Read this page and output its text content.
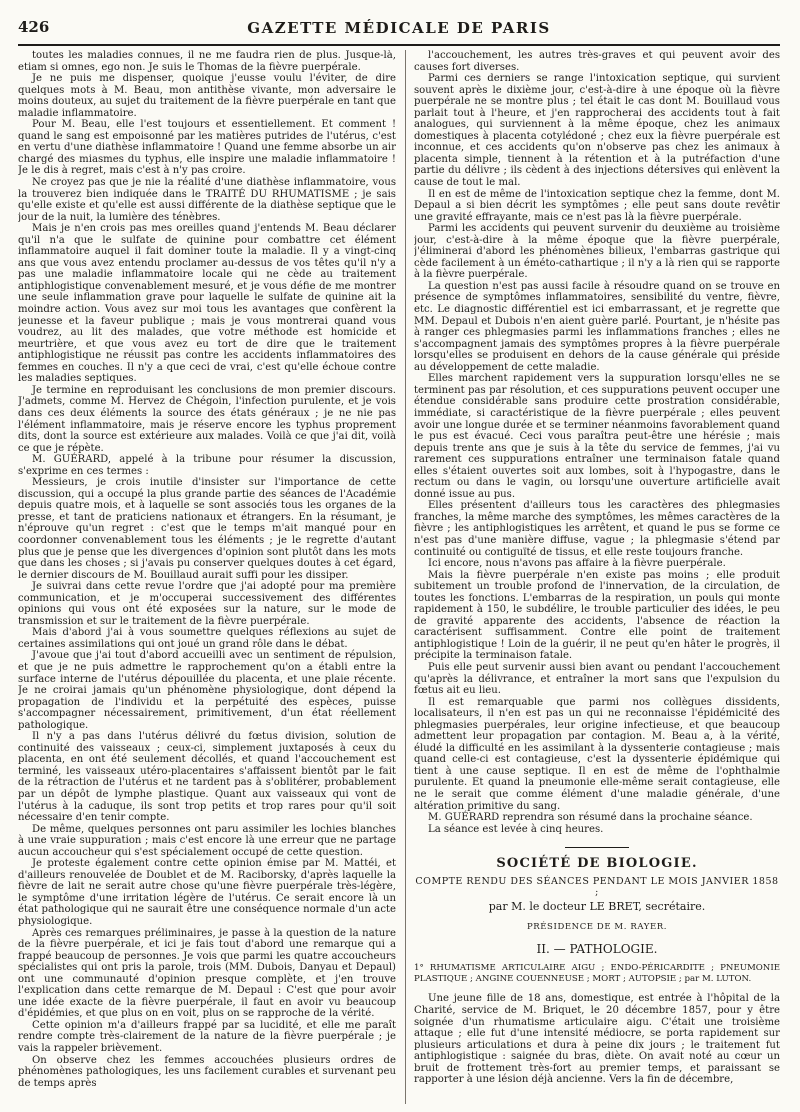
426	GAZETTE MÉDICALE DE PARIS

toutes les maladies connues, il ne me faudra rien de plus. Jusque-là, etiam si omnes, ego non. Je suis le Thomas de la fièvre puerpérale.

Je ne puis me dispenser, quoique j'eusse voulu l'éviter, de dire quelques mots à M. Beau, mon antithèse vivante, mon adversaire le moins douteux, au sujet du traitement de la fièvre puerpérale en tant que maladie inflammatoire.

Pour M. Beau, elle l'est toujours et essentiellement. Et comment ! quand le sang est empoisonné par les matières putrides de l'utérus, c'est en vertu d'une diathèse inflammatoire ! Quand une femme absorbe un air chargé des miasmes du typhus, elle inspire une maladie inflammatoire ! Je le dis à regret, mais c'est à n'y pas croire.

Ne croyez pas que je nie la réalité d'une diathèse inflammatoire, vous la trouverez bien indiquée dans le TRAITÉ DU RHUMATISME ; je sais qu'elle existe et qu'elle est aussi différente de la diathèse septique que le jour de la nuit, la lumière des ténèbres.

Mais je n'en crois pas mes oreilles quand j'entends M. Beau déclarer qu'il n'a que le sulfate de quinine pour combattre cet élément inflammatoire auquel il fait dominer toute la maladie. Il y a vingt-cinq ans que vous avez entendu proclamer au-dessus de vos têtes qu'il n'y a pas une maladie inflammatoire locale qui ne cède au traitement antiphlogistique convenablement mesuré, et je vous défie de me montrer une seule inflammation grave pour laquelle le sulfate de quinine ait la moindre action. Vous avez sur moi tous les avantages que confèrent la jeunesse et la faveur publique ; mais je vous montrerai quand vous voudrez, au lit des malades, que votre méthode est homicide et meurtrière, et que vous avez eu tort de dire que le traitement antiphlogistique ne réussit pas contre les accidents inflammatoires des femmes en couches. Il n'y a que ceci de vrai, c'est qu'elle échoue contre les maladies septiques.

Je termine en reproduisant les conclusions de mon premier discours. J'admets, comme M. Hervez de Chégoin, l'infection purulente, et je vois dans ces deux éléments la source des états généraux ; je ne nie pas l'élément inflammatoire, mais je réserve encore les typhus proprement dits, dont la source est extérieure aux malades. Voilà ce que j'ai dit, voilà ce que je répète.

M. GUÉRARD, appelé à la tribune pour résumer la discussion, s'exprime en ces termes :

Messieurs, je crois inutile d'insister sur l'importance de cette discussion, qui a occupé la plus grande partie des séances de l'Académie depuis quatre mois, et à laquelle se sont associés tous les organes de la presse, et tant de praticiens nationaux et étrangers. En la résumant, je n'éprouve qu'un regret : c'est que le temps m'ait manqué pour en coordonner convenablement tous les éléments ; je le regrette d'autant plus que je pense que les divergences d'opinion sont plutôt dans les mots que dans les choses ; si j'avais pu conserver quelques doutes à cet égard, le dernier discours de M. Bouillaud aurait suffi pour les dissiper.

Je suivrai dans cette revue l'ordre que j'ai adopté pour ma première communication, et je m'occuperai successivement des différentes opinions qui vous ont été exposées sur la nature, sur le mode de transmission et sur le traitement de la fièvre puerpérale.

Mais d'abord j'ai à vous soumettre quelques réflexions au sujet de certaines assimilations qui ont joué un grand rôle dans le débat.

J'avoue que j'ai tout d'abord accueilli avec un sentiment de répulsion, et que je ne puis admettre le rapprochement qu'on a établi entre la surface interne de l'utérus dépouillée du placenta, et une plaie récente. Je ne croirai jamais qu'un phénomène physiologique, dont dépend la propagation de l'individu et la perpétuité des espèces, puisse s'accompagner nécessairement, primitivement, d'un état réellement pathologique.

Il n'y a pas dans l'utérus délivré du fœtus division, solution de continuité des vaisseaux ; ceux-ci, simplement juxtaposés à ceux du placenta, en ont été seulement décollés, et quand l'accouchement est terminé, les vaisseaux utéro-placentaires s'affaissent bientôt par le fait de la rétraction de l'utérus et ne tardent pas à s'oblitérer, probablement par un dépôt de lymphe plastique. Quant aux vaisseaux qui vont de l'utérus à la caduque, ils sont trop petits et trop rares pour qu'il soit nécessaire d'en tenir compte.

De même, quelques personnes ont paru assimiler les lochies blanches à une vraie suppuration ; mais c'est encore là une erreur que ne partage aucun accoucheur qui s'est spécialement occupé de cette question.

Je proteste également contre cette opinion émise par M. Mattéi, et d'ailleurs renouvelée de Doublet et de M. Raciborsky, d'après laquelle la fièvre de lait ne serait autre chose qu'une fièvre puerpérale très-légère, le symptôme d'une irritation légère de l'utérus. Ce serait encore là un état pathologique qui ne saurait être une conséquence normale d'un acte physiologique.

Après ces remarques préliminaires, je passe à la question de la nature de la fièvre puerpérale, et ici je fais tout d'abord une remarque qui a frappé beaucoup de personnes. Je vois que parmi les quatre accoucheurs spécialistes qui ont pris la parole, trois (MM. Dubois, Danyau et Depaul) ont une communauté d'opinion presque complète, et j'en trouve l'explication dans cette remarque de M. Depaul : C'est que pour avoir une idée exacte de la fièvre puerpérale, il faut en avoir vu beaucoup d'épidémies, et que plus on en voit, plus on se rapproche de la vérité.

Cette opinion m'a d'ailleurs frappé par sa lucidité, et elle me paraît rendre compte très-clairement de la nature de la fièvre puerpérale ; je vais la rappeler brièvement.

On observe chez les femmes accouchées plusieurs ordres de phénomènes pathologiques, les uns facilement curables et survenant peu de temps après

l'accouchement, les autres très-graves et qui peuvent avoir des causes fort diverses.

Parmi ces derniers se range l'intoxication septique, qui survient souvent après le dixième jour, c'est-à-dire à une époque où la fièvre puerpérale ne se montre plus ; tel était le cas dont M. Bouillaud vous parlait tout à l'heure, et j'en rapprocherai des accidents tout à fait analogues, qui surviennent à la même époque, chez les animaux domestiques à placenta cotylédoné ; chez eux la fièvre puerpérale est inconnue, et ces accidents qu'on n'observe pas chez les animaux à placenta simple, tiennent à la rétention et à la putréfaction d'une partie du délivre ; ils cèdent à des injections détersives qui enlèvent la cause de tout le mal.

Il en est de même de l'intoxication septique chez la femme, dont M. Depaul a si bien décrit les symptômes ; elle peut sans doute revêtir une gravité effrayante, mais ce n'est pas là la fièvre puerpérale.

Parmi les accidents qui peuvent survenir du deuxième au troisième jour, c'est-à-dire à la même époque que la fièvre puerpérale, j'éliminerai d'abord les phénomènes bilieux, l'embarras gastrique qui cède facilement à un éméto-cathartique ; il n'y a là rien qui se rapporte à la fièvre puerpérale.

La question n'est pas aussi facile à résoudre quand on se trouve en présence de symptômes inflammatoires, sensibilité du ventre, fièvre, etc. Le diagnostic différentiel est ici embarrassant, et je regrette que MM. Depaul et Dubois n'en aient guère parlé. Pourtant, je n'hésite pas à ranger ces phlegmasies parmi les inflammations franches ; elles ne s'accompagnent jamais des symptômes propres à la fièvre puerpérale lorsqu'elles se produisent en dehors de la cause générale qui préside au développement de cette maladie.

Elles marchent rapidement vers la suppuration lorsqu'elles ne se terminent pas par résolution, et ces suppurations peuvent occuper une étendue considérable sans produire cette prostration considérable, immédiate, si caractéristique de la fièvre puerpérale ; elles peuvent avoir une longue durée et se terminer néanmoins favorablement quand le pus est évacué. Ceci vous paraîtra peut-être une hérésie ; mais depuis trente ans que je suis à la tête du service de femmes, j'ai vu rarement ces suppurations entraîner une terminaison fatale quand elles s'étaient ouvertes soit aux lombes, soit à l'hypogastre, dans le rectum ou dans le vagin, ou lorsqu'une ouverture artificielle avait donné issue au pus.

Elles présentent d'ailleurs tous les caractères des phlegmasies franches, la même marche des symptômes, les mêmes caractères de la fièvre ; les antiphlogistiques les arrêtent, et quand le pus se forme ce n'est pas d'une manière diffuse, vague ; la phlegmasie s'étend par continuité ou contiguïté de tissus, et elle reste toujours franche.

Ici encore, nous n'avons pas affaire à la fièvre puerpérale.

Mais la fièvre puerpérale n'en existe pas moins ; elle produit subitement un trouble profond de l'innervation, de la circulation, de toutes les fonctions. L'embarras de la respiration, un pouls qui monte rapidement à 150, le subdélire, le trouble particulier des idées, le peu de gravité apparente des accidents, l'absence de réaction la caractérisent suffisamment. Contre elle point de traitement antiphlogistique ! Loin de la guérir, il ne peut qu'en hâter le progrès, il précipite la terminaison fatale.

Puis elle peut survenir aussi bien avant ou pendant l'accouchement qu'après la délivrance, et entraîner la mort sans que l'expulsion du fœtus ait eu lieu.

Il est remarquable que parmi nos collègues dissidents, localisateurs, il n'en est pas un qui ne reconnaisse l'épidémicité des phlegmasies puerpérales, leur origine infectieuse, et que beaucoup admettent leur propagation par contagion. M. Beau a, à la vérité, éludé la difficulté en les assimilant à la dyssenterie contagieuse ; mais quand celle-ci est contagieuse, c'est la dyssenterie épidémique qui tient à une cause septique. Il en est de même de l'ophthalmie purulente. Et quand la pneumonie elle-même serait contagieuse, elle ne le serait que comme élément d'une maladie générale, d'une altération primitive du sang.

M. GUÉRARD reprendra son résumé dans la prochaine séance.

La séance est levée à cinq heures.

SOCIÉTÉ DE BIOLOGIE.
COMPTE RENDU DES SÉANCES PENDANT LE MOIS JANVIER 1858 ;
par M. le docteur LE BRET, secrétaire.
PRÉSIDENCE DE M. RAYER.
II. — PATHOLOGIE.
1° RHUMATISME ARTICULAIRE AIGU ; ENDO-PÉRICARDITE ; PNEUMONIE PLASTIQUE ; ANGINE COUENNEUSE ; MORT ; AUTOPSIE ; par M. LUTON.

Une jeune fille de 18 ans, domestique, est entrée à l'hôpital de la Charité, service de M. Briquet, le 20 décembre 1857, pour y être soignée d'un rhumatisme articulaire aigu. C'était une troisième attaque ; elle fut d'une intensité médiocre, se porta rapidement sur plusieurs articulations et dura à peine dix jours ; le traitement fut antiphlogistique : saignée du bras, diète. On avait noté au cœur un bruit de frottement très-fort au premier temps, et paraissant se rapporter à une lésion déjà ancienne. Vers la fin de décembre,
